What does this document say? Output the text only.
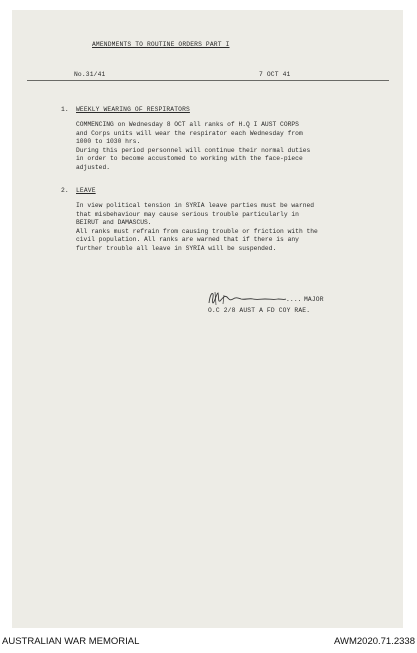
AMENDMENTS TO ROUTINE ORDERS PART I
No.31/41	7 OCT 41
1. WEEKLY WEARING OF RESPIRATORS
COMMENCING on Wednesday 8 OCT all ranks of H.Q I AUST CORPS
and Corps units will wear the respirator each Wednesday from
1000 to 1030 hrs.
During this period personnel will continue their normal duties
in order to become accustomed to working with the face-piece
adjusted.
2. LEAVE
In view political tension in SYRIA leave parties must be warned
that misbehaviour may cause serious trouble particularly in
BEIRUT and DAMASCUS.
All ranks must refrain from causing trouble or friction with the
civil population. All ranks are warned that if there is any
further trouble all leave in SYRIA will be suspended.
.... MAJOR
O.C 2/8 AUST A FD COY RAE.
AUSTRALIAN WAR MEMORIAL	AWM2020.71.2338
